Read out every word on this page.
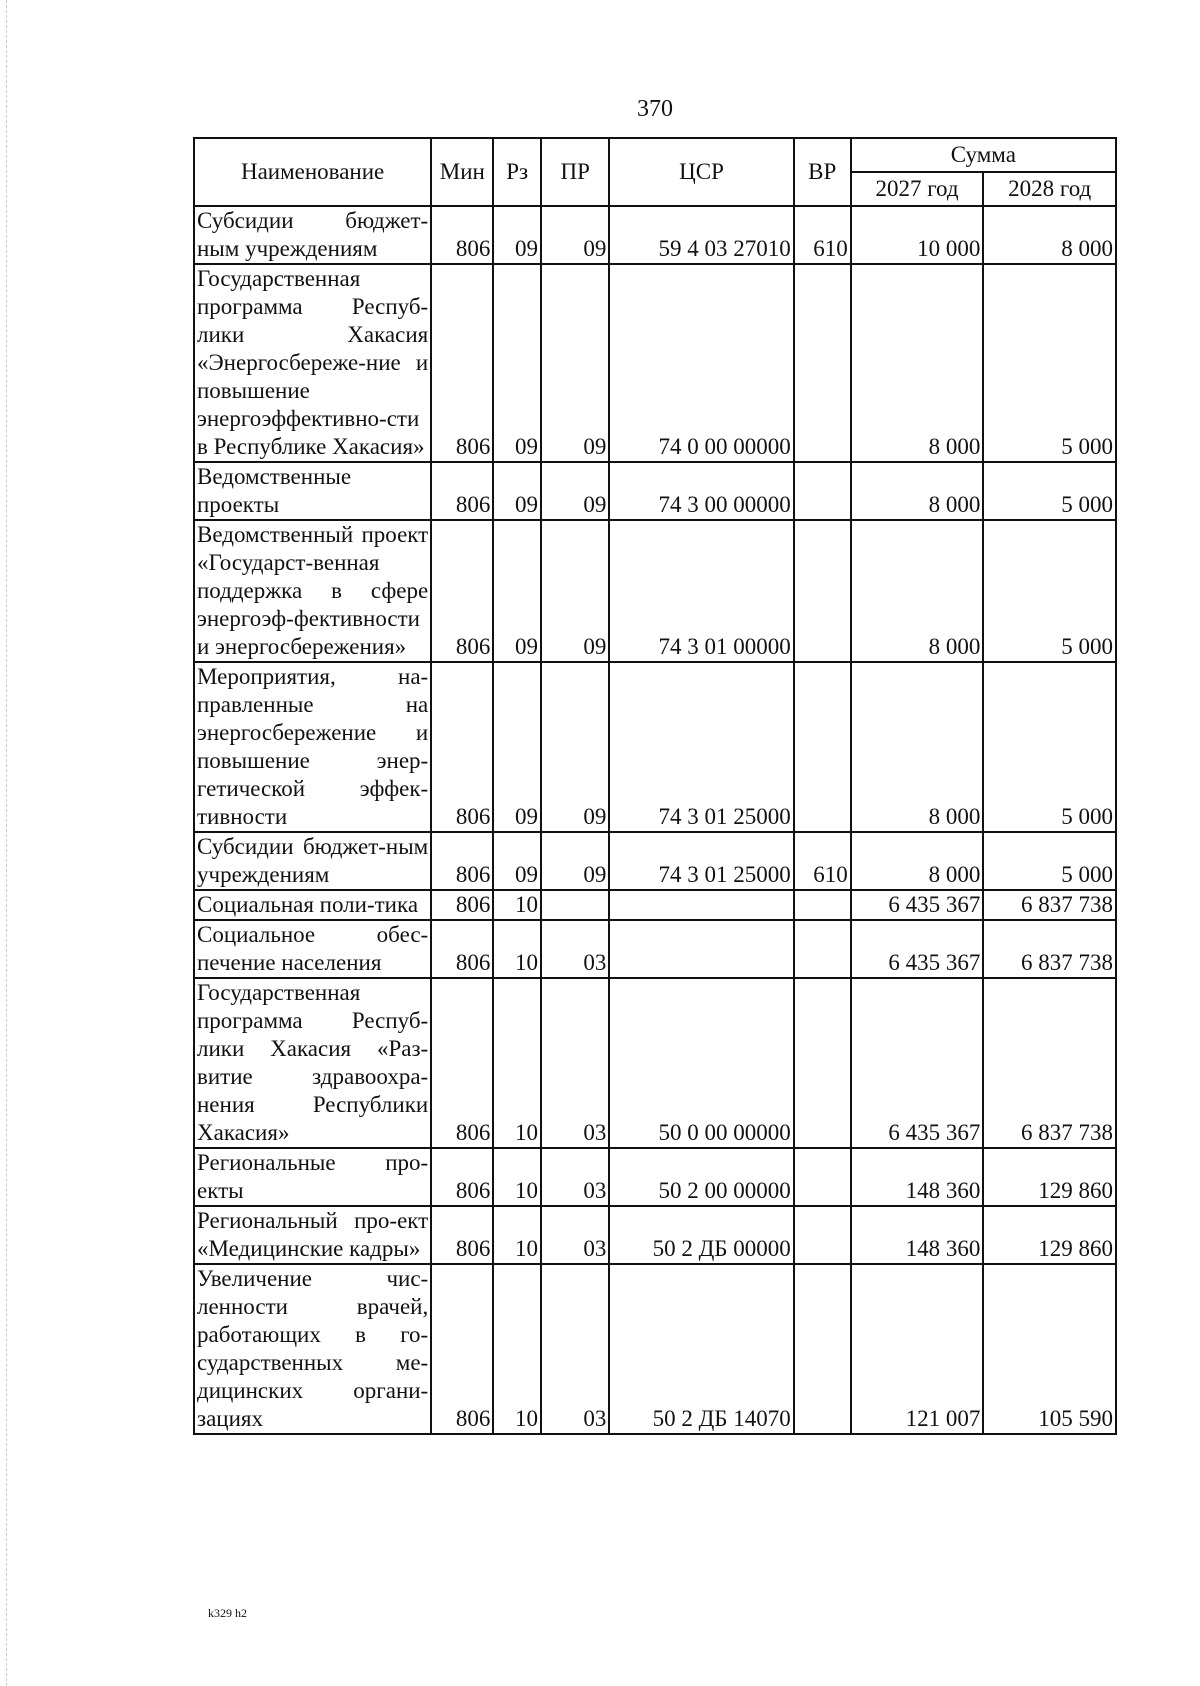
370
Наименование	Мин	Рз	ПР	ЦСР	ВР	Сумма	
						2027 год	2028 год
Субсидии бюджет- ным учреждениям	806	09	09	59 4 03 27010	610	10 000	8 000
Государственная программа Респуб-лики Хакасия «Энергосбереже-ние и повышение энергоэффективно-сти в Республике Хакасия»	806	09	09	74 0 00 00000		8 000	5 000
Ведомственные проекты	806	09	09	74 3 00 00000		8 000	5 000
Ведомственный проект «Государст-венная поддержка в сфере энергоэф-фективности и энергосбережения»	806	09	09	74 3 01 00000		8 000	5 000
Мероприятия, на-правленные на энергосбережение и повышение энер-гетической эффек-тивности	806	09	09	74 3 01 25000		8 000	5 000
Субсидии бюджет-ным учреждениям	806	09	09	74 3 01 25000	610	8 000	5 000
Социальная поли-тика	806	10				6 435 367	6 837 738
Социальное обес-печение населения	806	10	03			6 435 367	6 837 738
Государственная программа Респуб-лики Хакасия «Раз-витие здравоохра-нения Республики Хакасия»	806	10	03	50 0 00 00000		6 435 367	6 837 738
Региональные про-екты	806	10	03	50 2 00 00000		148 360	129 860
Региональный про-ект «Медицинские кадры»	806	10	03	50 2 ДБ 00000		148 360	129 860
Увеличение чис-ленности врачей, работающих в го-сударственных ме-дицинских органи-зациях	806	10	03	50 2 ДБ 14070		121 007	105 590
k329 h2
